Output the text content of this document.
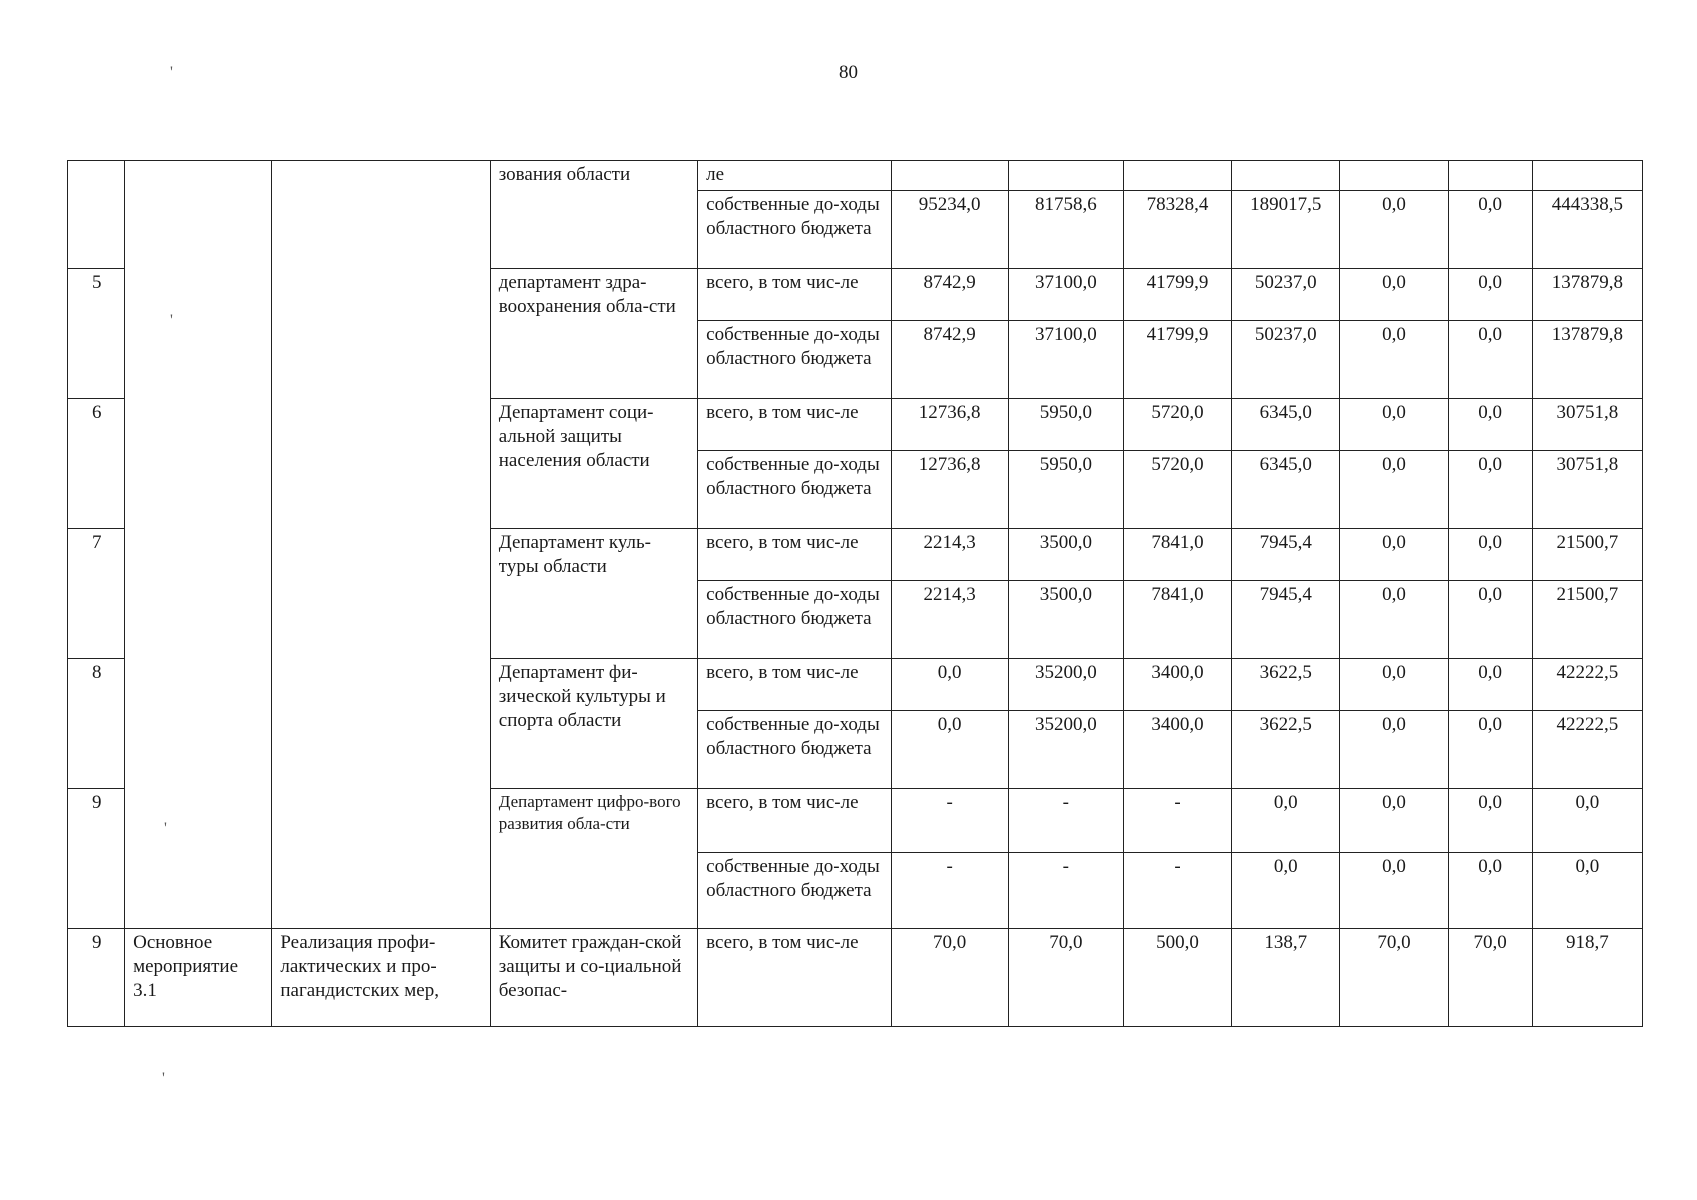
80
'
'
'
'
			зования области	ле							
				собственные до-ходы областного бюджета	95234,0	81758,6	78328,4	189017,5	0,0	0,0	444338,5
5			департамент здра-воохранения обла-сти	всего, в том чис-ле	8742,9	37100,0	41799,9	50237,0	0,0	0,0	137879,8
				собственные до-ходы областного бюджета	8742,9	37100,0	41799,9	50237,0	0,0	0,0	137879,8
6			Департамент соци-альной защиты населения области	всего, в том чис-ле	12736,8	5950,0	5720,0	6345,0	0,0	0,0	30751,8
				собственные до-ходы областного бюджета	12736,8	5950,0	5720,0	6345,0	0,0	0,0	30751,8
7			Департамент куль-туры области	всего, в том чис-ле	2214,3	3500,0	7841,0	7945,4	0,0	0,0	21500,7
				собственные до-ходы областного бюджета	2214,3	3500,0	7841,0	7945,4	0,0	0,0	21500,7
8			Департамент фи-зической культуры и спорта области	всего, в том чис-ле	0,0	35200,0	3400,0	3622,5	0,0	0,0	42222,5
				собственные до-ходы областного бюджета	0,0	35200,0	3400,0	3622,5	0,0	0,0	42222,5
9			Департамент цифро-вого развития обла-сти	всего, в том чис-ле	-	-	-	0,0	0,0	0,0	0,0
				собственные до-ходы областного бюджета	-	-	-	0,0	0,0	0,0	0,0
9	Основное мероприятие 3.1	Реализация профи-лактических и про-пагандистских мер,	Комитет граждан-ской защиты и со-циальной безопас-	всего, в том чис-ле	70,0	70,0	500,0	138,7	70,0	70,0	918,7
